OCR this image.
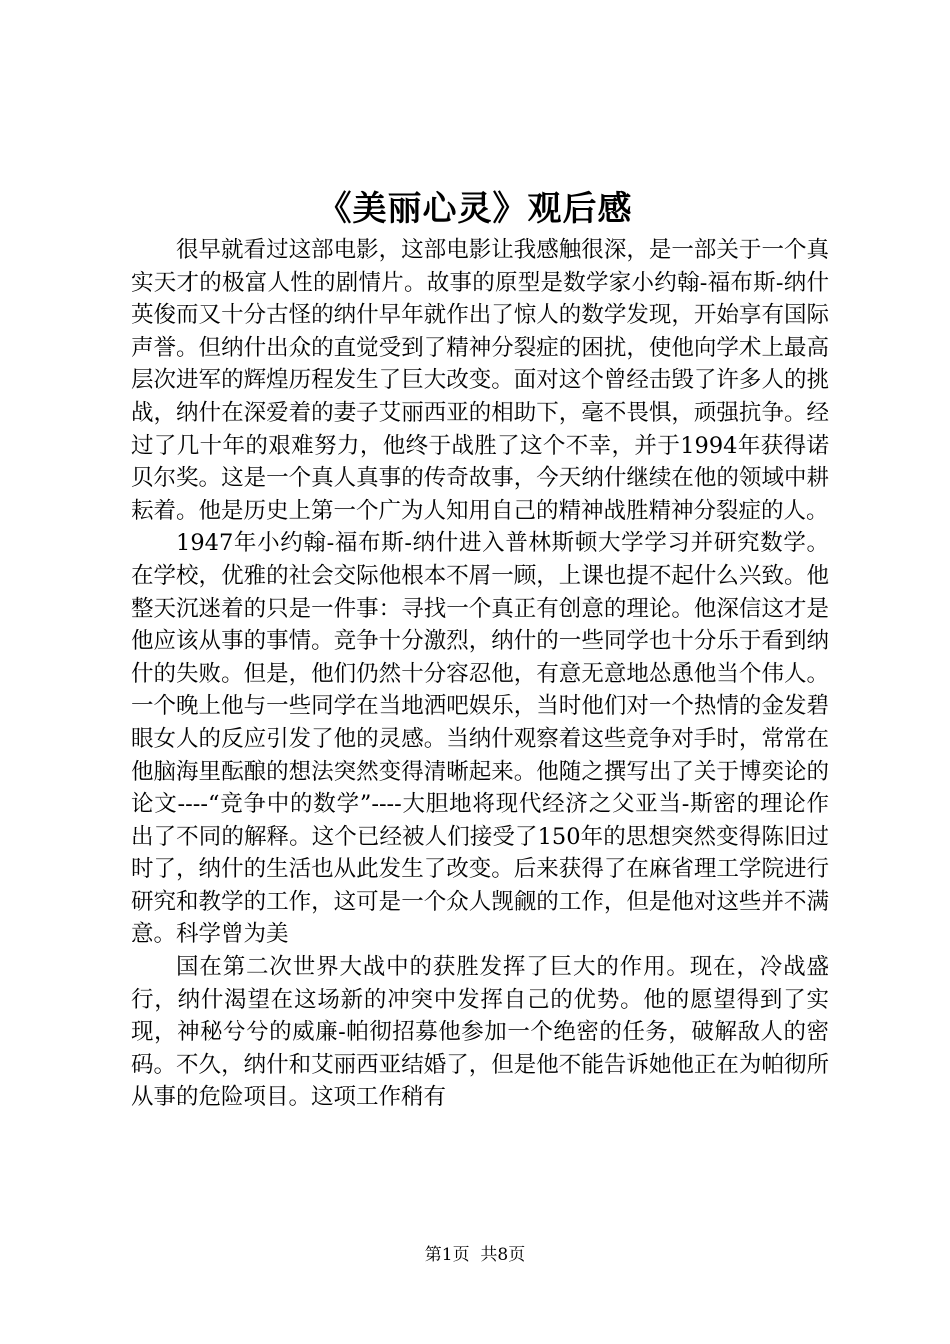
《美丽心灵》观后感

很早就看过这部电影，这部电影让我感触很深，是一部关于一个真实天才的极富人性的剧情片。故事的原型是数学家小约翰-福布斯-纳什英俊而又十分古怪的纳什早年就作出了惊人的数学发现，开始享有国际声誉。但纳什出众的直觉受到了精神分裂症的困扰，使他向学术上最高层次进军的辉煌历程发生了巨大改变。面对这个曾经击毁了许多人的挑战，纳什在深爱着的妻子艾丽西亚的相助下，毫不畏惧，顽强抗争。经过了几十年的艰难努力，他终于战胜了这个不幸，并于1994年获得诺贝尔奖。这是一个真人真事的传奇故事，今天纳什继续在他的领域中耕耘着。他是历史上第一个广为人知用自己的精神战胜精神分裂症的人。

1947年小约翰-福布斯-纳什进入普林斯顿大学学习并研究数学。在学校，优雅的社会交际他根本不屑一顾，上课也提不起什么兴致。他整天沉迷着的只是一件事：寻找一个真正有创意的理论。他深信这才是他应该从事的事情。竞争十分激烈，纳什的一些同学也十分乐于看到纳什的失败。但是，他们仍然十分容忍他，有意无意地怂恿他当个伟人。一个晚上他与一些同学在当地洒吧娱乐，当时他们对一个热情的金发碧眼女人的反应引发了他的灵感。当纳什观察着这些竞争对手时，常常在他脑海里酝酿的想法突然变得清晰起来。他随之撰写出了关于博奕论的论文----“竞争中的数学”----大胆地将现代经济之父亚当-斯密的理论作出了不同的解释。这个已经被人们接受了150年的思想突然变得陈旧过时了，纳什的生活也从此发生了改变。后来获得了在麻省理工学院进行研究和教学的工作，这可是一个众人觊觎的工作，但是他对这些并不满意。科学曾为美

国在第二次世界大战中的获胜发挥了巨大的作用。现在，冷战盛行，纳什渴望在这场新的冲突中发挥自己的优势。他的愿望得到了实现，神秘兮兮的威廉-帕彻招募他参加一个绝密的任务，破解敌人的密码。不久，纳什和艾丽西亚结婚了，但是他不能告诉她他正在为帕彻所从事的危险项目。这项工作稍有

第1页 共8页
